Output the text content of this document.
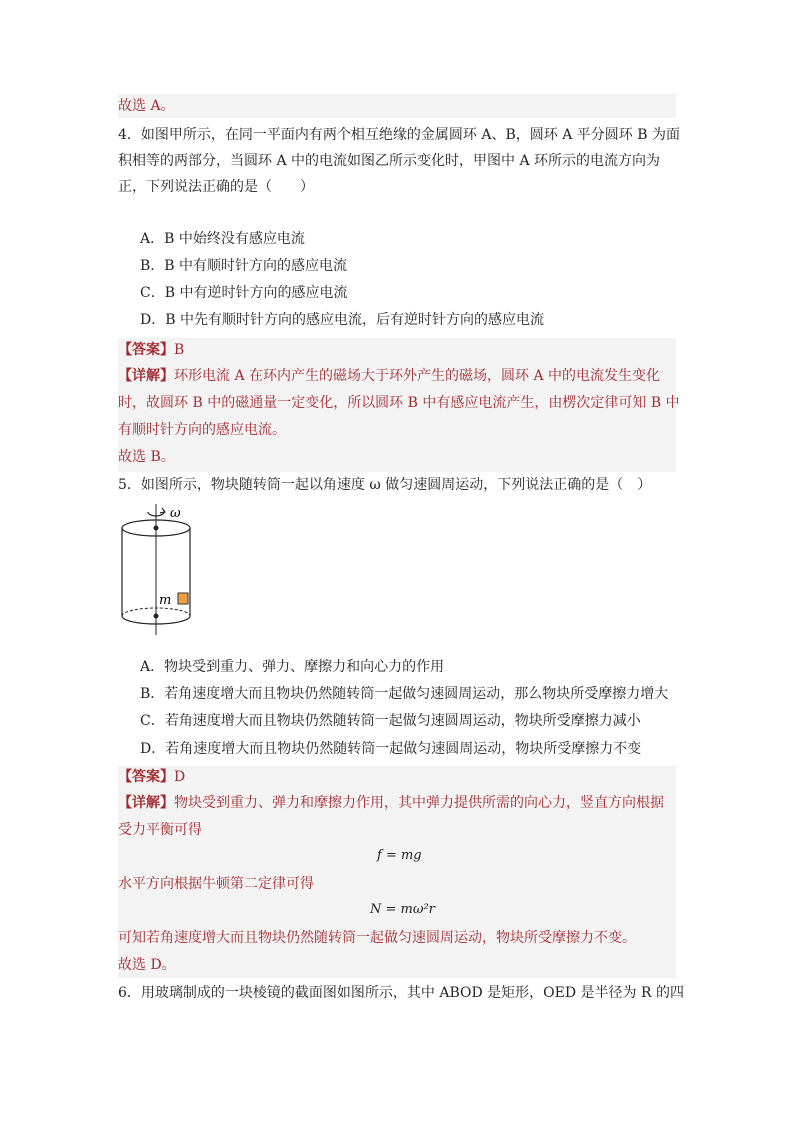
故选 A。
4．如图甲所示，在同一平面内有两个相互绝缘的金属圆环 A、B，圆环 A 平分圆环 B 为面
积相等的两部分，当圆环 A 中的电流如图乙所示变化时，甲图中 A 环所示的电流方向为
正，下列说法正确的是（　　）
A．B 中始终没有感应电流
B．B 中有顺时针方向的感应电流
C．B 中有逆时针方向的感应电流
D．B 中先有顺时针方向的感应电流，后有逆时针方向的感应电流
【答案】B
【详解】环形电流 A 在环内产生的磁场大于环外产生的磁场，圆环 A 中的电流发生变化
时，故圆环 B 中的磁通量一定变化，所以圆环 B 中有感应电流产生，由楞次定律可知 B 中
有顺时针方向的感应电流。
故选 B。
5．如图所示，物块随转筒一起以角速度 ω 做匀速圆周运动，下列说法正确的是（　）
ω
m
A．物块受到重力、弹力、摩擦力和向心力的作用
B．若角速度增大而且物块仍然随转筒一起做匀速圆周运动，那么物块所受摩擦力增大
C．若角速度增大而且物块仍然随转筒一起做匀速圆周运动，物块所受摩擦力减小
D．若角速度增大而且物块仍然随转筒一起做匀速圆周运动，物块所受摩擦力不变
【答案】D
【详解】物块受到重力、弹力和摩擦力作用，其中弹力提供所需的向心力，竖直方向根据
受力平衡可得
f = mg
水平方向根据牛顿第二定律可得
N = mω²r
可知若角速度增大而且物块仍然随转筒一起做匀速圆周运动，物块所受摩擦力不变。
故选 D。
6．用玻璃制成的一块棱镜的截面图如图所示，其中 ABOD 是矩形，OED 是半径为 R 的四
